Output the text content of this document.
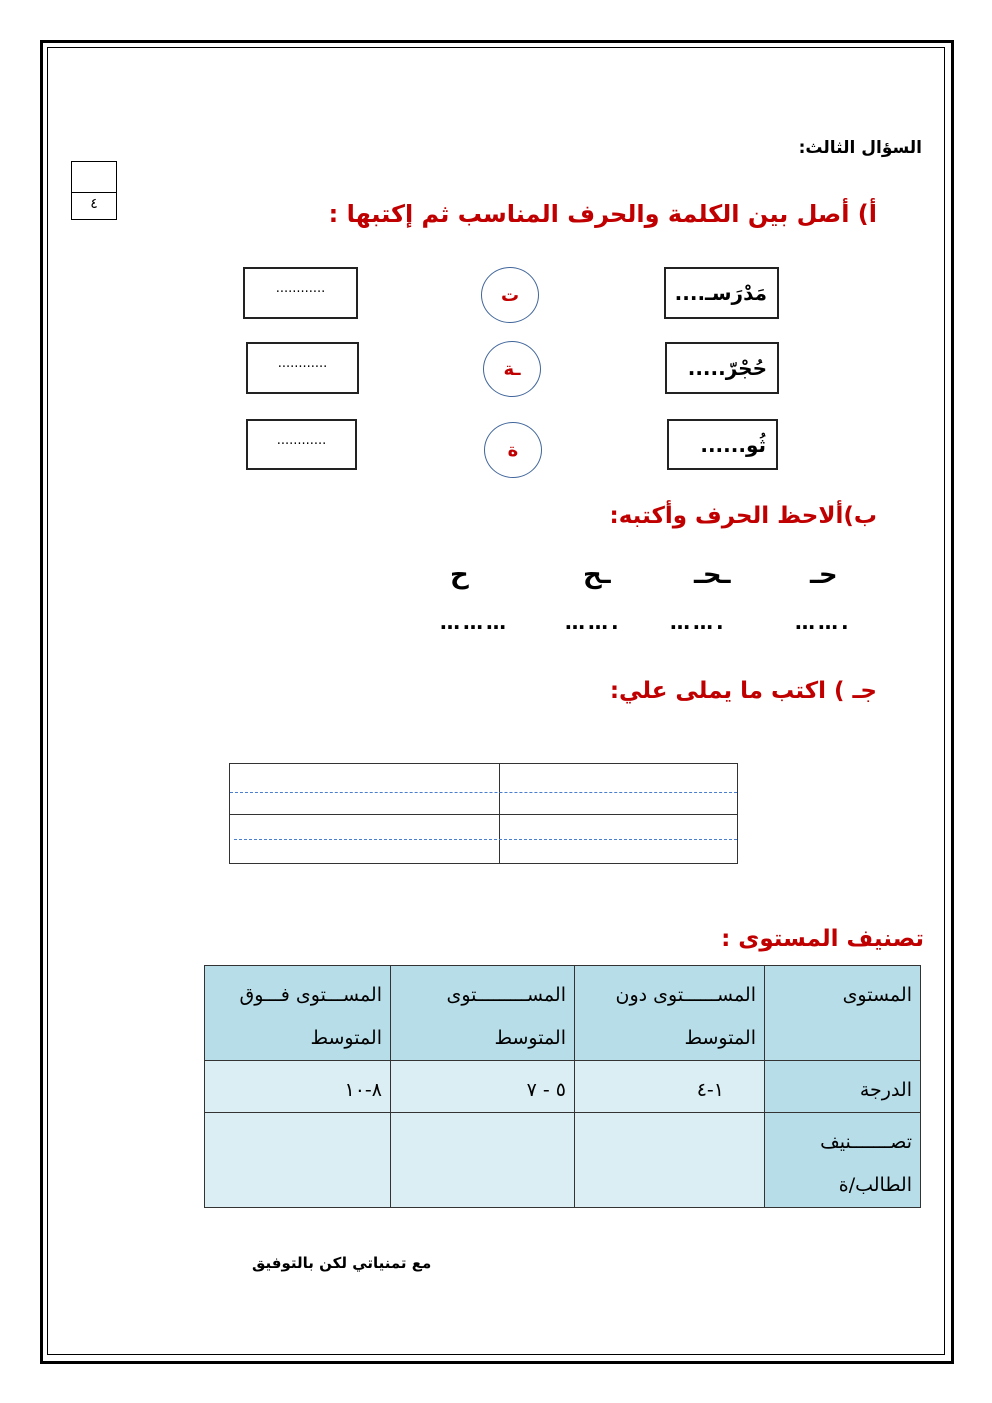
السؤال الثالث:
٤	أ) أصل بين الكلمة والحرف المناسب ثم إكتبها :
مَدْرَسـ....
حُجْرّ.....
ثُو......
ت
ـة
ة
............
............
............
ب)ألاحظ الحرف وأكتبه:
حـ
ـحـ
ـح
ح
…….
…….
…….
………
جـ ) اكتب ما يملى علي:
تصنيف المستوى :
المستوى	المســــــتوى دون المتوسط	المســـــــــتوى المتوسط	المســـتوى فـــوق المتوسط
الدرجة	١-٤	٥ - ٧	٨-١٠
تصـــــــنيف الطالب/ة			
مع تمنياتي لكن بالتوفيق
